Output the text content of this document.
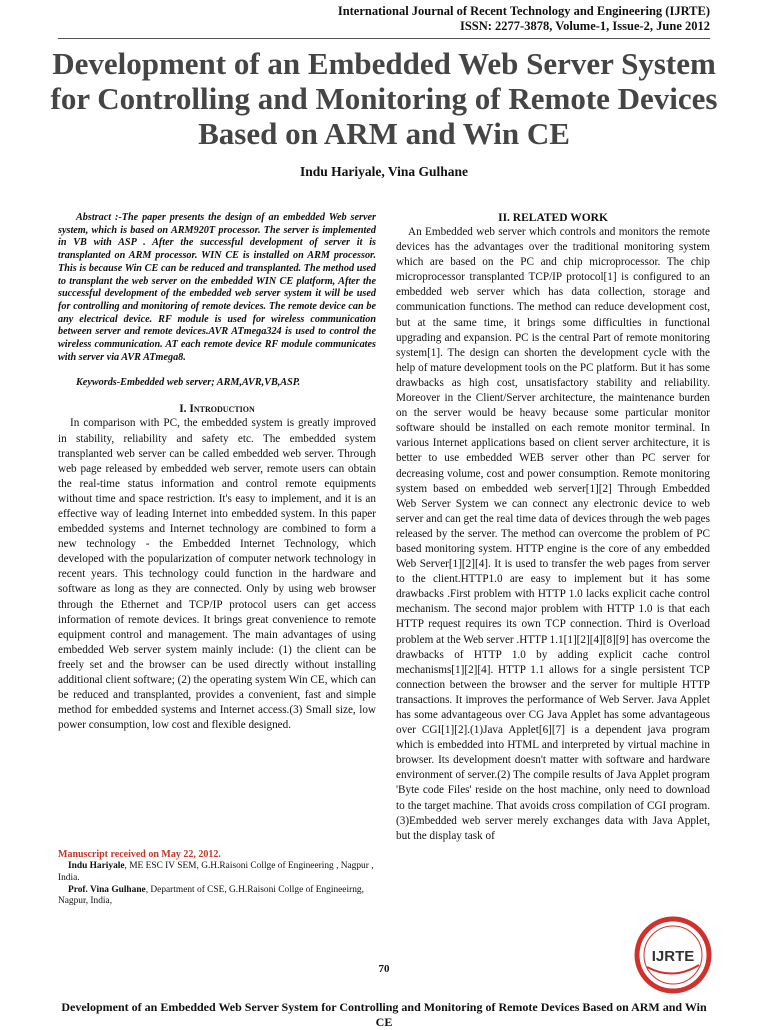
International Journal of Recent Technology and Engineering (IJRTE)
ISSN: 2277-3878, Volume-1, Issue-2, June 2012
Development of an Embedded Web Server System for Controlling and Monitoring of Remote Devices Based on ARM and Win CE
Indu Hariyale, Vina Gulhane

Abstract :-The paper presents the design of an embedded Web server system, which is based on ARM920T processor. The server is implemented in VB with ASP . After the successful development of server it is transplanted on ARM processor. WIN CE is installed on ARM processor. This is because Win CE can be reduced and transplanted. The method used to transplant the web server on the embedded WIN CE platform, After the successful development of the embedded web server system it will be used for controlling and monitoring of remote devices. The remote device can be any electrical device. RF module is used for wireless communication between server and remote devices.AVR ATmega324 is used to control the wireless communication. AT each remote device RF module communicates with server via AVR ATmega8.

Keywords-Embedded web server; ARM,AVR,VB,ASP.

I. Introduction

In comparison with PC, the embedded system is greatly improved in stability, reliability and safety etc. The embedded system transplanted web server can be called embedded web server. Through web page released by embedded web server, remote users can obtain the real-time status information and control remote equipments without time and space restriction. It's easy to implement, and it is an effective way of leading Internet into embedded system. In this paper embedded systems and Internet technology are combined to form a new technology - the Embedded Internet Technology, which developed with the popularization of computer network technology in recent years. This technology could function in the hardware and software as long as they are connected. Only by using web browser through the Ethernet and TCP/IP protocol users can get access information of remote devices. It brings great convenience to remote equipment control and management. The main advantages of using embedded Web server system mainly include: (1) the client can be freely set and the browser can be used directly without installing additional client software; (2) the operating system Win CE, which can be reduced and transplanted, provides a convenient, fast and simple method for embedded systems and Internet access.(3) Small size, low power consumption, low cost and flexible designed.

II. RELATED WORK

An Embedded web server which controls and monitors the remote devices has the advantages over the traditional monitoring system which are based on the PC and chip microprocessor. The chip microprocessor transplanted TCP/IP protocol[1] is configured to an embedded web server which has data collection, storage and communication functions. The method can reduce development cost, but at the same time, it brings some difficulties in functional upgrading and expansion. PC is the central Part of remote monitoring system[1]. The design can shorten the development cycle with the help of mature development tools on the PC platform. But it has some drawbacks as high cost, unsatisfactory stability and reliability. Moreover in the Client/Server architecture, the maintenance burden on the server would be heavy because some particular monitor software should be installed on each remote monitor terminal. In various Internet applications based on client server architecture, it is better to use embedded WEB server other than PC server for decreasing volume, cost and power consumption. Remote monitoring system based on embedded web server[1][2] Through Embedded Web Server System we can connect any electronic device to web server and can get the real time data of devices through the web pages released by the server. The method can overcome the problem of PC based monitoring system. HTTP engine is the core of any embedded Web Server[1][2][4]. It is used to transfer the web pages from server to the client.HTTP1.0 are easy to implement but it has some drawbacks .First problem with HTTP 1.0 lacks explicit cache control mechanism. The second major problem with HTTP 1.0 is that each HTTP request requires its own TCP connection. Third is Overload problem at the Web server .HTTP 1.1[1][2][4][8][9] has overcome the drawbacks of HTTP 1.0 by adding explicit cache control mechanisms[1][2][4]. HTTP 1.1 allows for a single persistent TCP connection between the browser and the server for multiple HTTP transactions. It improves the performance of Web Server. Java Applet has some advantageous over CG Java Applet has some advantageous over CGI[1][2].(1)Java Applet[6][7] is a dependent java program which is embedded into HTML and interpreted by virtual machine in browser. Its development doesn't matter with software and hardware environment of server.(2) The compile results of Java Applet program 'Byte code Files' reside on the host machine, only need to download to the target machine. That avoids cross compilation of CGI program.(3)Embedded web server merely exchanges data with Java Applet, but the display task of

Manuscript received on May 22, 2012.

Indu Hariyale, ME ESC IV SEM, G.H.Raisoni Collge of Engineering , Nagpur , India.

Prof. Vina Gulhane, Department of CSE, G.H.Raisoni Collge of Engineeirng, Nagpur, India,

70
IJRTE
Development of an Embedded Web Server System for Controlling and Monitoring of Remote Devices Based on ARM and Win CE
